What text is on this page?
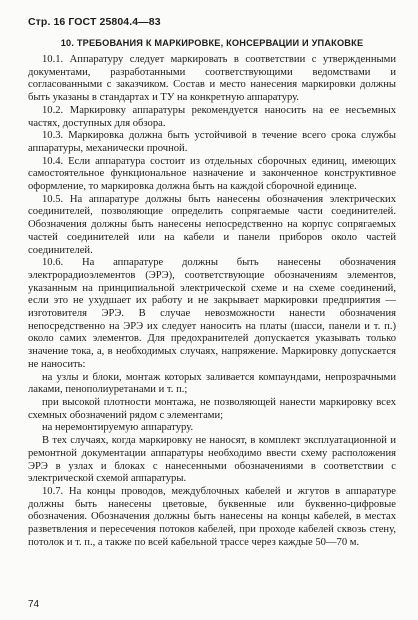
Стр. 16 ГОСТ 25804.4—83
10. ТРЕБОВАНИЯ К МАРКИРОВКЕ, КОНСЕРВАЦИИ И УПАКОВКЕ

10.1. Аппаратуру следует маркировать в соответствии с утвержденными документами, разработанными соответствующими ведомствами и согласованными с заказчиком. Состав и место нанесения маркировки должны быть указаны в стандартах и ТУ на конкретную аппаратуру.

10.2. Маркировку аппаратуры рекомендуется наносить на ее несъемных частях, доступных для обзора.

10.3. Маркировка должна быть устойчивой в течение всего срока службы аппаратуры, механически прочной.

10.4. Если аппаратура состоит из отдельных сборочных единиц, имеющих самостоятельное функциональное назначение и законченное конструктивное оформление, то маркировка должна быть на каждой сборочной единице.

10.5. На аппаратуре должны быть нанесены обозначения электрических соединителей, позволяющие определить сопрягаемые части соединителей. Обозначения должны быть нанесены непосредственно на корпус сопрягаемых частей соединителей или на кабели и панели приборов около частей соединителей.

10.6. На аппаратуре должны быть нанесены обозначения электрорадиоэлементов (ЭРЭ), соответствующие обозначениям элементов, указанным на принципиальной электрической схеме и на схеме соединений, если это не ухудшает их работу и не закрывает маркировки предприятия — изготовителя ЭРЭ. В случае невозможности нанести обозначения непосредственно на ЭРЭ их следует наносить на платы (шасси, панели и т. п.) около самих элементов. Для предохранителей допускается указывать только значение тока, а, в необходимых случаях, напряжение. Маркировку допускается не наносить:

на узлы и блоки, монтаж которых заливается компаундами, непрозрачными лаками, пенополиуретанами и т. п.;

при высокой плотности монтажа, не позволяющей нанести маркировку всех схемных обозначений рядом с элементами;

на неремонтируемую аппаратуру.

В тех случаях, когда маркировку не наносят, в комплект эксплуатационной и ремонтной документации аппаратуры необходимо ввести схему расположения ЭРЭ в узлах и блоках с нанесенными обозначениями в соответствии с электрической схемой аппаратуры.

10.7. На концы проводов, междублочных кабелей и жгутов в аппаратуре должны быть нанесены цветовые, буквенные или буквенно-цифровые обозначения. Обозначения должны быть нанесены на концы кабелей, в местах разветвления и пересечения потоков кабелей, при проходе кабелей сквозь стену, потолок и т. п., а также по всей кабельной трассе через каждые 50—70 м.

74
